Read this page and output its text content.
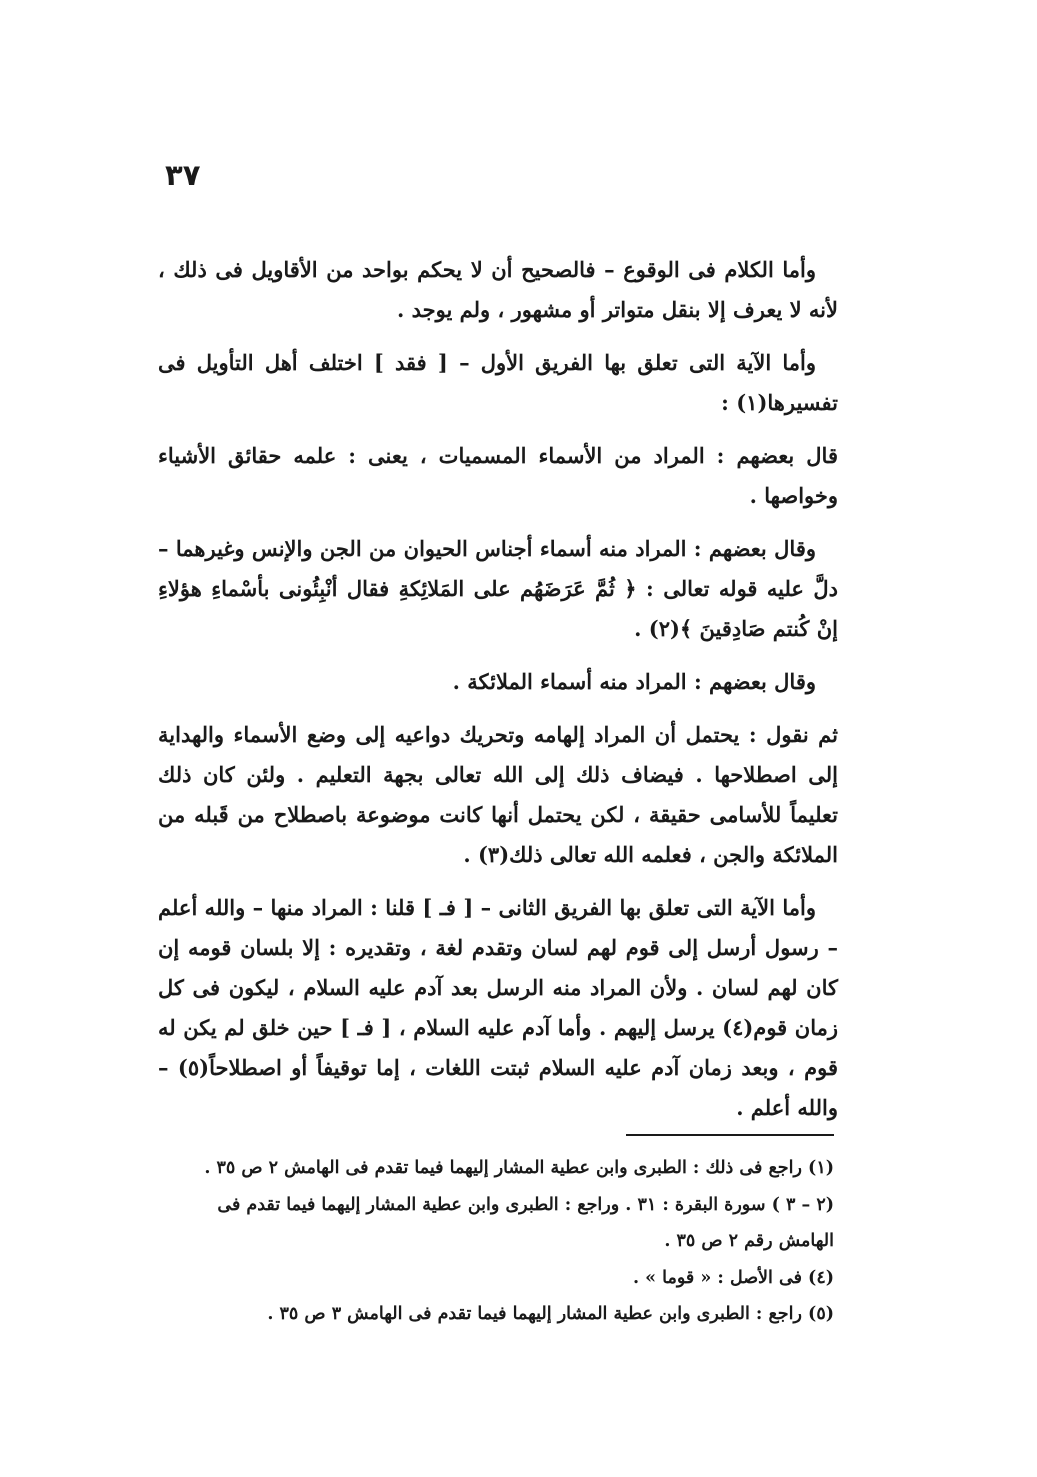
٣٧

وأما الكلام فى الوقوع – فالصحيح أن لا يحكم بواحد من الأقاويل فى ذلك ، لأنه لا يعرف إلا بنقل متواتر أو مشهور ، ولم يوجد .

وأما الآية التى تعلق بها الفريق الأول – [ فقد ] اختلف أهل التأويل فى تفسيرها(١) :

قال بعضهم : المراد من الأسماء المسميات ، يعنى : علمه حقائق الأشياء وخواصها .

وقال بعضهم : المراد منه أسماء أجناس الحيوان من الجن والإنس وغيرهما – دلَّ عليه قوله تعالى : ﴿ ثُمَّ عَرَضَهُم على المَلائِكةِ فقال أنْبِئُونى بأسْماءِ هؤلاءِ إنْ كُنتم صَادِقينَ ﴾(٢) .

وقال بعضهم : المراد منه أسماء الملائكة .

ثم نقول : يحتمل أن المراد إلهامه وتحريك دواعيه إلى وضع الأسماء والهداية إلى اصطلاحها . فيضاف ذلك إلى الله تعالى بجهة التعليم . ولئن كان ذلك تعليماً للأسامى حقيقة ، لكن يحتمل أنها كانت موضوعة باصطلاح من قَبله من الملائكة والجن ، فعلمه الله تعالى ذلك(٣) .

وأما الآية التى تعلق بها الفريق الثانى – [ فـ ] قلنا : المراد منها – والله أعلم – رسول أرسل إلى قوم لهم لسان وتقدم لغة ، وتقديره : إلا بلسان قومه إن كان لهم لسان . ولأن المراد منه الرسل بعد آدم عليه السلام ، ليكون فى كل زمان قوم(٤) يرسل إليهم . وأما آدم عليه السلام ، [ فـ ] حين خلق لم يكن له قوم ، وبعد زمان آدم عليه السلام ثبتت اللغات ، إما توقيفاً أو اصطلاحاً(٥) – والله أعلم .

(١) راجع فى ذلك : الطبرى وابن عطية المشار إليهما فيما تقدم فى الهامش ٢ ص ٣٥ .

(٢ – ٣ ) سورة البقرة : ٣١ . وراجع : الطبرى وابن عطية المشار إليهما فيما تقدم فى الهامش رقم ٢ ص ٣٥ .

(٤) فى الأصل : « قوما » .

(٥) راجع : الطبرى وابن عطية المشار إليهما فيما تقدم فى الهامش ٣ ص ٣٥ .
